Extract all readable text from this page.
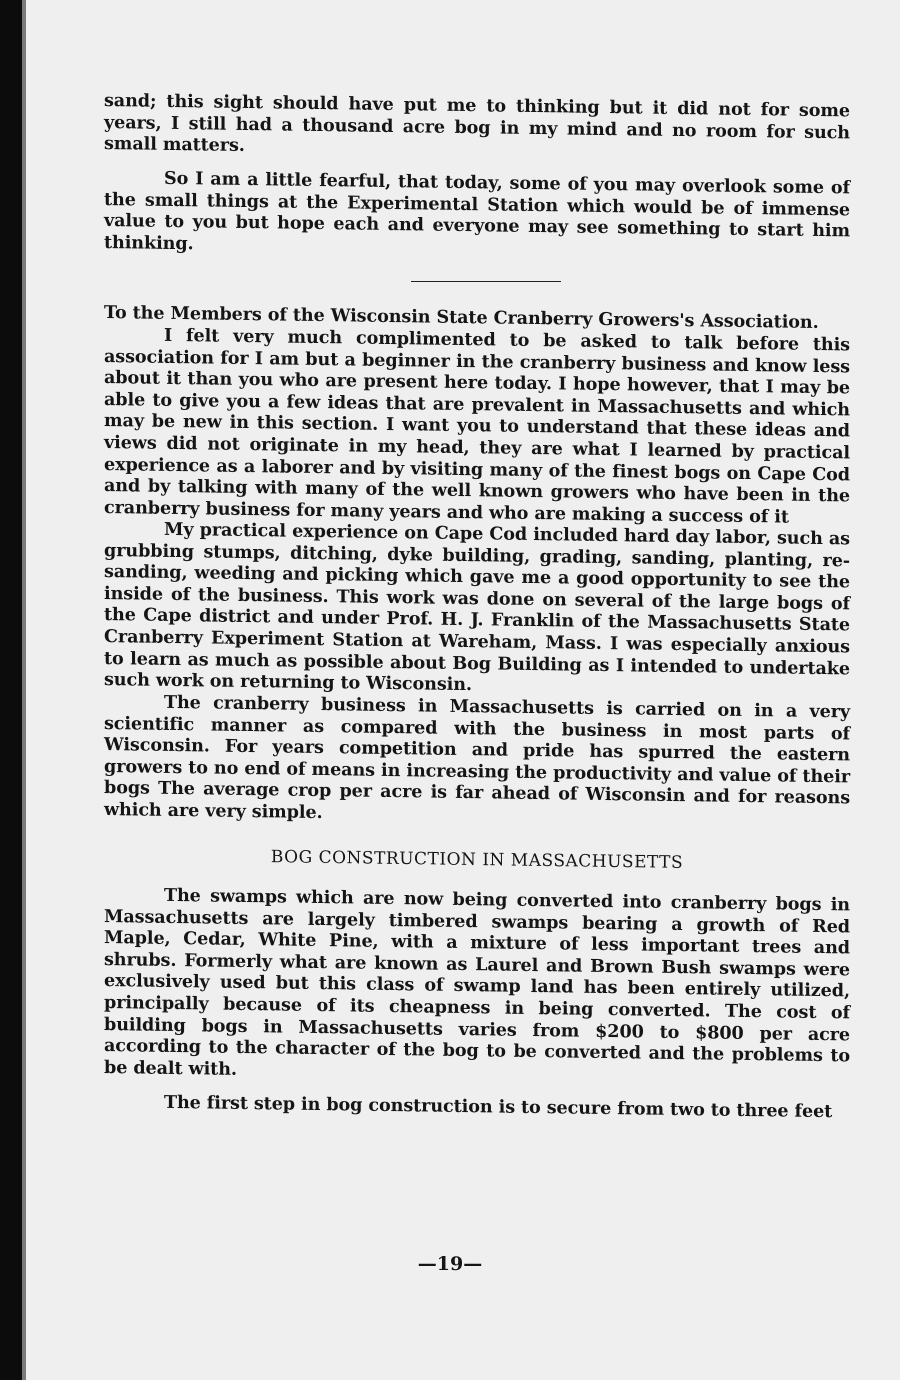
sand; this sight should have put me to thinking but it did not for some years, I still had a thousand acre bog in my mind and no room for such small matters.

So I am a little fearful, that today, some of you may overlook some of the small things at the Experimental Station which would be of immense value to you but hope each and everyone may see something to start him thinking.

To the Members of the Wisconsin State Cranberry Growers's Association.

I felt very much complimented to be asked to talk before this association for I am but a beginner in the cranberry business and know less about it than you who are present here today. I hope however, that I may be able to give you a few ideas that are prevalent in Massachusetts and which may be new in this section. I want you to understand that these ideas and views did not originate in my head, they are what I learned by practical experience as a laborer and by visiting many of the finest bogs on Cape Cod and by talking with many of the well known growers who have been in the cranberry business for many years and who are making a success of it

My practical experience on Cape Cod included hard day labor, such as grubbing stumps, ditching, dyke building, grading, sanding, planting, re-sanding, weeding and picking which gave me a good opportunity to see the inside of the business. This work was done on several of the large bogs of the Cape district and under Prof. H. J. Franklin of the Massachusetts State Cranberry Experiment Station at Wareham, Mass. I was especially anxious to learn as much as possible about Bog Building as I intended to undertake such work on returning to Wisconsin.

The cranberry business in Massachusetts is carried on in a very scientific manner as compared with the business in most parts of Wisconsin. For years competition and pride has spurred the eastern growers to no end of means in increasing the productivity and value of their bogs The average crop per acre is far ahead of Wisconsin and for reasons which are very simple.

BOG CONSTRUCTION IN MASSACHUSETTS

The swamps which are now being converted into cranberry bogs in Massachusetts are largely timbered swamps bearing a growth of Red Maple, Cedar, White Pine, with a mixture of less important trees and shrubs. Formerly what are known as Laurel and Brown Bush swamps were exclusively used but this class of swamp land has been entirely utilized, principally because of its cheapness in being converted. The cost of building bogs in Massachusetts varies from $200 to $800 per acre according to the character of the bog to be converted and the problems to be dealt with.

The first step in bog construction is to secure from two to three feet

—19—
